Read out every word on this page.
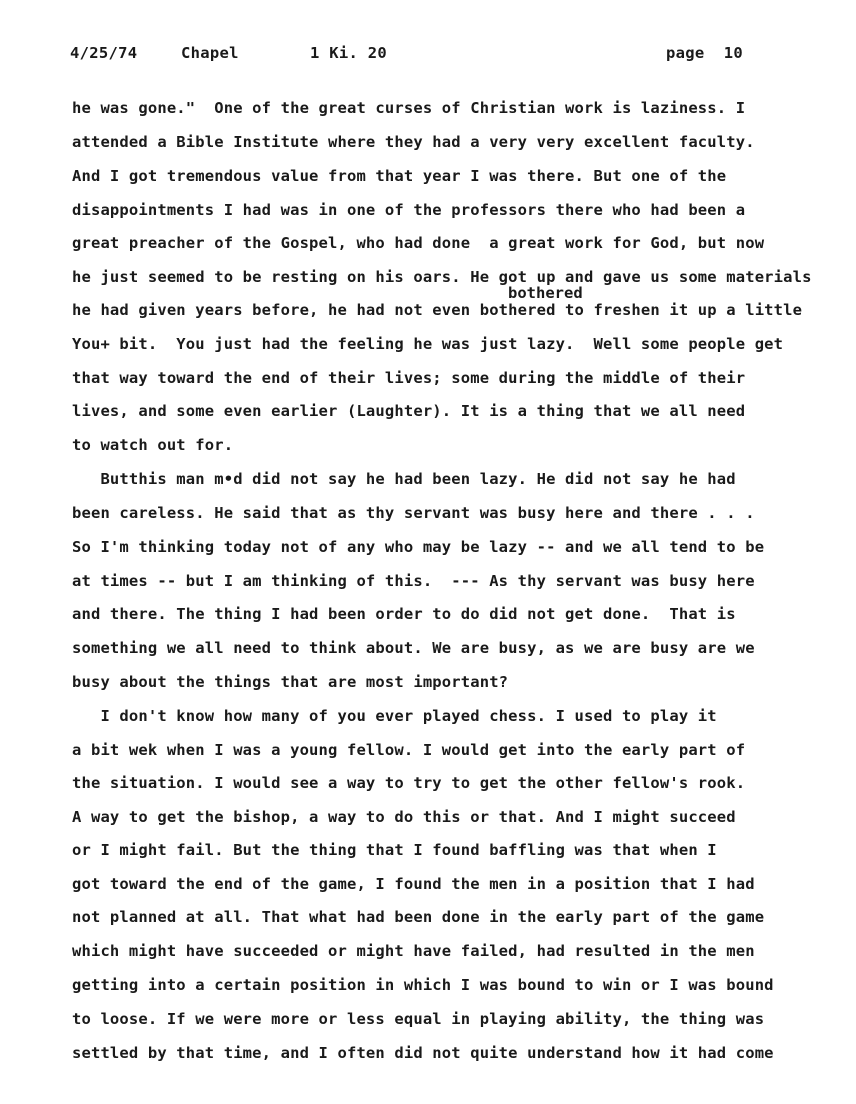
4/25/74	Chapel	1 Ki. 20	page  10
bothered
he was gone."  One of the great curses of Christian work is laziness. I
attended a Bible Institute where they had a very very excellent faculty.
And I got tremendous value from that year I was there. But one of the
disappointments I had was in one of the professors there who had been a
great preacher of the Gospel, who had done  a great work for God, but now
he just seemed to be resting on his oars. He got up and gave us some materials
he had given years before, he had not even bothered to freshen it up a little
You+ bit.  You just had the feeling he was just lazy.  Well some people get
that way toward the end of their lives; some during the middle of their
lives, and some even earlier (Laughter). It is a thing that we all need
to watch out for.
Butthis man m•d did not say he had been lazy. He did not say he had
been careless. He said that as thy servant was busy here and there . . .
So I'm thinking today not of any who may be lazy -- and we all tend to be
at times -- but I am thinking of this.  --- As thy servant was busy here
and there. The thing I had been order to do did not get done.  That is
something we all need to think about. We are busy, as we are busy are we
busy about the things that are most important?
I don't know how many of you ever played chess. I used to play it
a bit wek when I was a young fellow. I would get into the early part of
the situation. I would see a way to try to get the other fellow's rook.
A way to get the bishop, a way to do this or that. And I might succeed
or I might fail. But the thing that I found baffling was that when I
got toward the end of the game, I found the men in a position that I had
not planned at all. That what had been done in the early part of the game
which might have succeeded or might have failed, had resulted in the men
getting into a certain position in which I was bound to win or I was bound
to loose. If we were more or less equal in playing ability, the thing was
settled by that time, and I often did not quite understand how it had come
